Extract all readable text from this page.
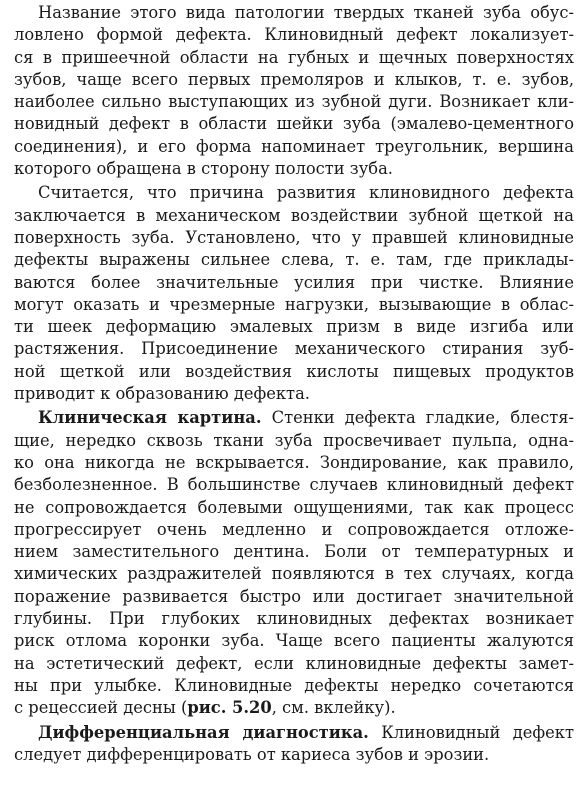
Название этого вида патологии твердых тканей зуба обус-
ловлено формой дефекта. Клиновидный дефект локализует-
ся в пришеечной области на губных и щечных поверхностях
зубов, чаще всего первых премоляров и клыков, т. е. зубов,
наиболее сильно выступающих из зубной дуги. Возникает кли-
новидный дефект в области шейки зуба (эмалево-цементного
соединения), и его форма напоминает треугольник, вершина
которого обращена в сторону полости зуба.
Считается, что причина развития клиновидного дефекта
заключается в механическом воздействии зубной щеткой на
поверхность зуба. Установлено, что у правшей клиновидные
дефекты выражены сильнее слева, т. е. там, где приклады-
ваются более значительные усилия при чистке. Влияние
могут оказать и чрезмерные нагрузки, вызывающие в облас-
ти шеек деформацию эмалевых призм в виде изгиба или
растяжения. Присоединение механического стирания зуб-
ной щеткой или воздействия кислоты пищевых продуктов
приводит к образованию дефекта.
Клиническая картина. Стенки дефекта гладкие, блестя-
щие, нередко сквозь ткани зуба просвечивает пульпа, одна-
ко она никогда не вскрывается. Зондирование, как правило,
безболезненное. В большинстве случаев клиновидный дефект
не сопровождается болевыми ощущениями, так как процесс
прогрессирует очень медленно и сопровождается отложе-
нием заместительного дентина. Боли от температурных и
химических раздражителей появляются в тех случаях, когда
поражение развивается быстро или достигает значительной
глубины. При глубоких клиновидных дефектах возникает
риск отлома коронки зуба. Чаще всего пациенты жалуются
на эстетический дефект, если клиновидные дефекты замет-
ны при улыбке. Клиновидные дефекты нередко сочетаются
с рецессией десны (рис. 5.20, см. вклейку).
Дифференциальная диагностика. Клиновидный дефект
следует дифференцировать от кариеса зубов и эрозии.
